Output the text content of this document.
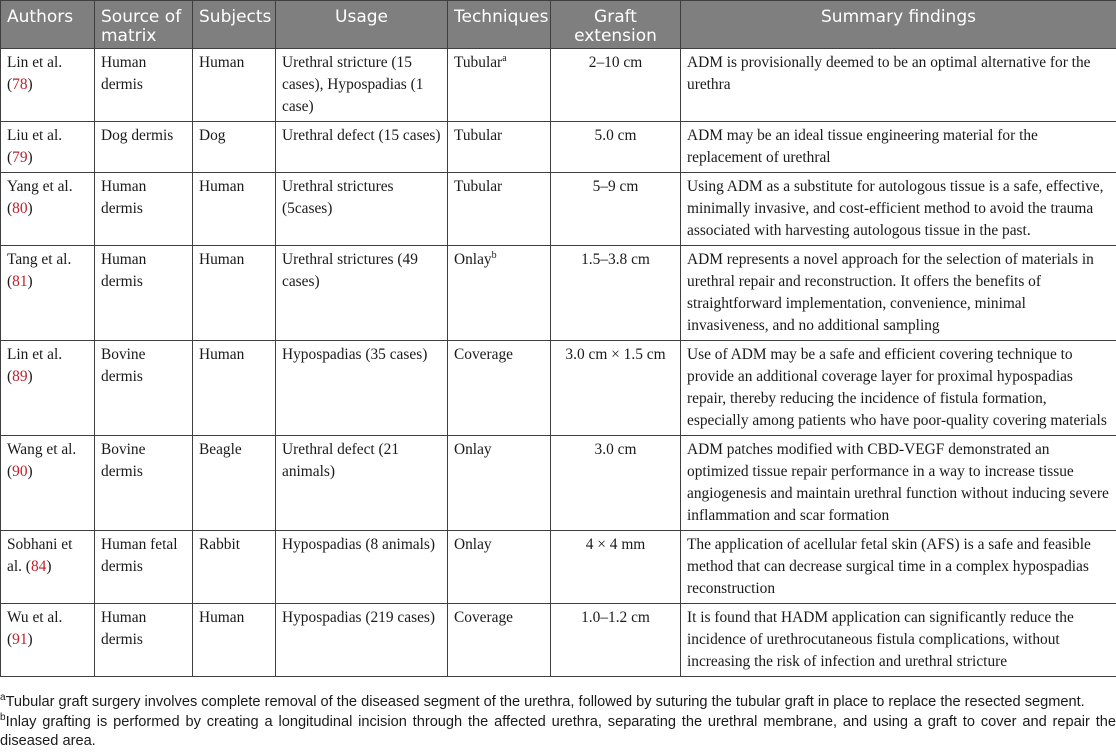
Authors	Source of matrix	Subjects	Usage	Techniques	Graft extension	Summary findings
Lin et al. (78)	Human dermis	Human	Urethral stricture (15 cases), Hypospadias (1 case)	Tubular$^a$	2–10 cm	ADM is provisionally deemed to be an optimal alternative for the urethra
Liu et al. (79)	Dog dermis	Dog	Urethral defect (15 cases)	Tubular	5.0 cm	ADM may be an ideal tissue engineering material for the replacement of urethral
Yang et al. (80)	Human dermis	Human	Urethral strictures (5cases)	Tubular	5–9 cm	Using ADM as a substitute for autologous tissue is a safe, effective, minimally invasive, and cost-efficient method to avoid the trauma associated with harvesting autologous tissue in the past.
Tang et al. (81)	Human dermis	Human	Urethral strictures (49 cases)	Onlay$^b$	1.5–3.8 cm	ADM represents a novel approach for the selection of materials in urethral repair and reconstruction. It offers the benefits of straightforward implementation, convenience, minimal invasiveness, and no additional sampling
Lin et al. (89)	Bovine dermis	Human	Hypospadias (35 cases)	Coverage	3.0 cm × 1.5 cm	Use of ADM may be a safe and efficient covering technique to provide an additional coverage layer for proximal hypospadias repair, thereby reducing the incidence of fistula formation, especially among patients who have poor-quality covering materials
Wang et al. (90)	Bovine dermis	Beagle	Urethral defect (21 animals)	Onlay	3.0 cm	ADM patches modified with CBD-VEGF demonstrated an optimized tissue repair performance in a way to increase tissue angiogenesis and maintain urethral function without inducing severe inflammation and scar formation
Sobhani et al. (84)	Human fetal dermis	Rabbit	Hypospadias (8 animals)	Onlay	4 × 4 mm	The application of acellular fetal skin (AFS) is a safe and feasible method that can decrease surgical time in a complex hypospadias reconstruction
Wu et al. (91)	Human dermis	Human	Hypospadias (219 cases)	Coverage	1.0–1.2 cm	It is found that HADM application can significantly reduce the incidence of urethrocutaneous fistula complications, without increasing the risk of infection and urethral stricture
$^a$Tubular graft surgery involves complete removal of the diseased segment of the urethra, followed by suturing the tubular graft in place to replace the resected segment.
$^b$Inlay grafting is performed by creating a longitudinal incision through the affected urethra, separating the urethral membrane, and using a graft to cover and repair the diseased area.
